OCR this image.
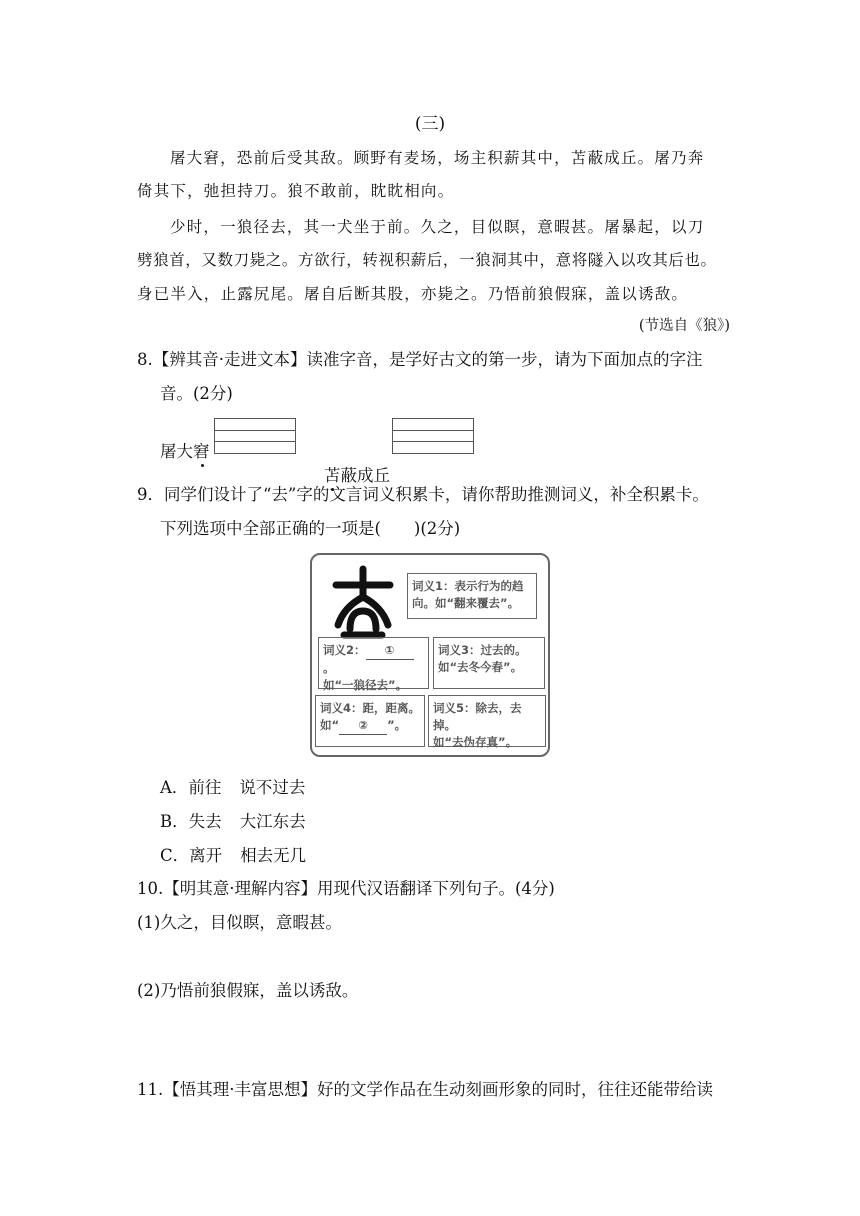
(三)
屠大窘，恐前后受其敌。顾野有麦场，场主积薪其中，苫蔽成丘。屠乃奔
倚其下，弛担持刀。狼不敢前，眈眈相向。
少时，一狼径去，其一犬坐于前。久之，目似瞑，意暇甚。屠暴起，以刀
劈狼首，又数刀毙之。方欲行，转视积薪后，一狼洞其中，意将隧入以攻其后也。
身已半入，止露尻尾。屠自后断其股，亦毙之。乃悟前狼假寐，盖以诱敌。
(节选自《狼》)
8.【辨其音·走进文本】读准字音，是学好古文的第一步，请为下面加点的字注
音。(2分)
屠大窘
苫蔽成丘
9．同学们设计了“去”字的文言词义积累卡，请你帮助推测词义，补全积累卡。
下列选项中全部正确的一项是(　　)(2分)
词义1：表示行为的趋
向。如“翻来覆去”。
词义2： ①。
如“一狼径去”。
词义3：过去的。
如“去冬今春”。
词义4：距，距离。
如“ ② ”。
词义5：除去，去掉。
如“去伪存真”。
A．前往 说不过去
B．失去 大江东去
C．离开 相去无几
10.【明其意·理解内容】用现代汉语翻译下列句子。(4分)
(1)久之，目似瞑，意暇甚。
(2)乃悟前狼假寐，盖以诱敌。
11.【悟其理·丰富思想】好的文学作品在生动刻画形象的同时，往往还能带给读
